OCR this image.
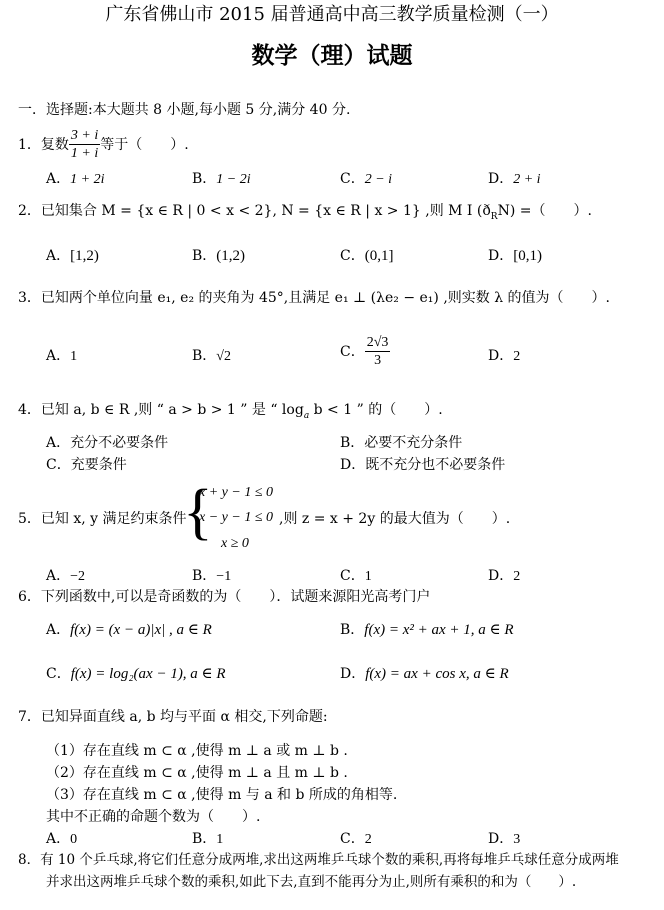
广东省佛山市 2015 届普通高中高三教学质量检测（一）
数学（理）试题
一．选择题:本大题共 8 小题,每小题 5 分,满分 40 分.
1．复数 $\frac{3 + i}{1 + i}$ 等于（　　）.
A．1 + 2i	B．1 − 2i	C．2 − i	D．2 + i
2．已知集合 M = {x ∈ R | 0 < x < 2}, N = {x ∈ R | x > 1} ,则 M I $(ð_RN)$ =（　　）.
A．[1,2)	B．(1,2)	C．(0,1]	D．[0,1)
3．已知两个单位向量 e₁, e₂ 的夹角为 45°,且满足 e₁ ⊥ (λe₂ − e₁) ,则实数 λ 的值为（　　）.
A．1	B．√2	C． $\frac{2√3}{3}$	D．2
4．已知 a, b ∈ R ,则 “ a > b > 1 ” 是 “ $\log_a b < 1$ ” 的（　　）.
A．充分不必要条件	B．必要不充分条件
C．充要条件	D．既不充分也不必要条件
5．已知 x, y 满足约束条件
{
x + y − 1 ≤ 0
x − y − 1 ≤ 0
x ≥ 0
,则 z = x + 2y 的最大值为（　　）.
A．−2	B．−1	C．1	D．2
6．下列函数中,可以是奇函数的为（　　）．试题来源阳光高考门户
A．f(x) = (x − a)|x| , a ∈ R	B．f(x) = x² + ax + 1, a ∈ R
C．f(x) = log₂(ax − 1), a ∈ R	D．f(x) = ax + cos x, a ∈ R
7．已知异面直线 a, b 均与平面 α 相交,下列命题:
（1）存在直线 m ⊂ α ,使得 m ⊥ a 或 m ⊥ b .
（2）存在直线 m ⊂ α ,使得 m ⊥ a 且 m ⊥ b .
（3）存在直线 m ⊂ α ,使得 m 与 a 和 b 所成的角相等.
其中不正确的命题个数为（　　）.
A．0	B．1	C．2	D．3
8．有 10 个乒乓球,将它们任意分成两堆,求出这两堆乒乓球个数的乘积,再将每堆乒乓球任意分成两堆
并求出这两堆乒乓球个数的乘积,如此下去,直到不能再分为止,则所有乘积的和为（　　）.
